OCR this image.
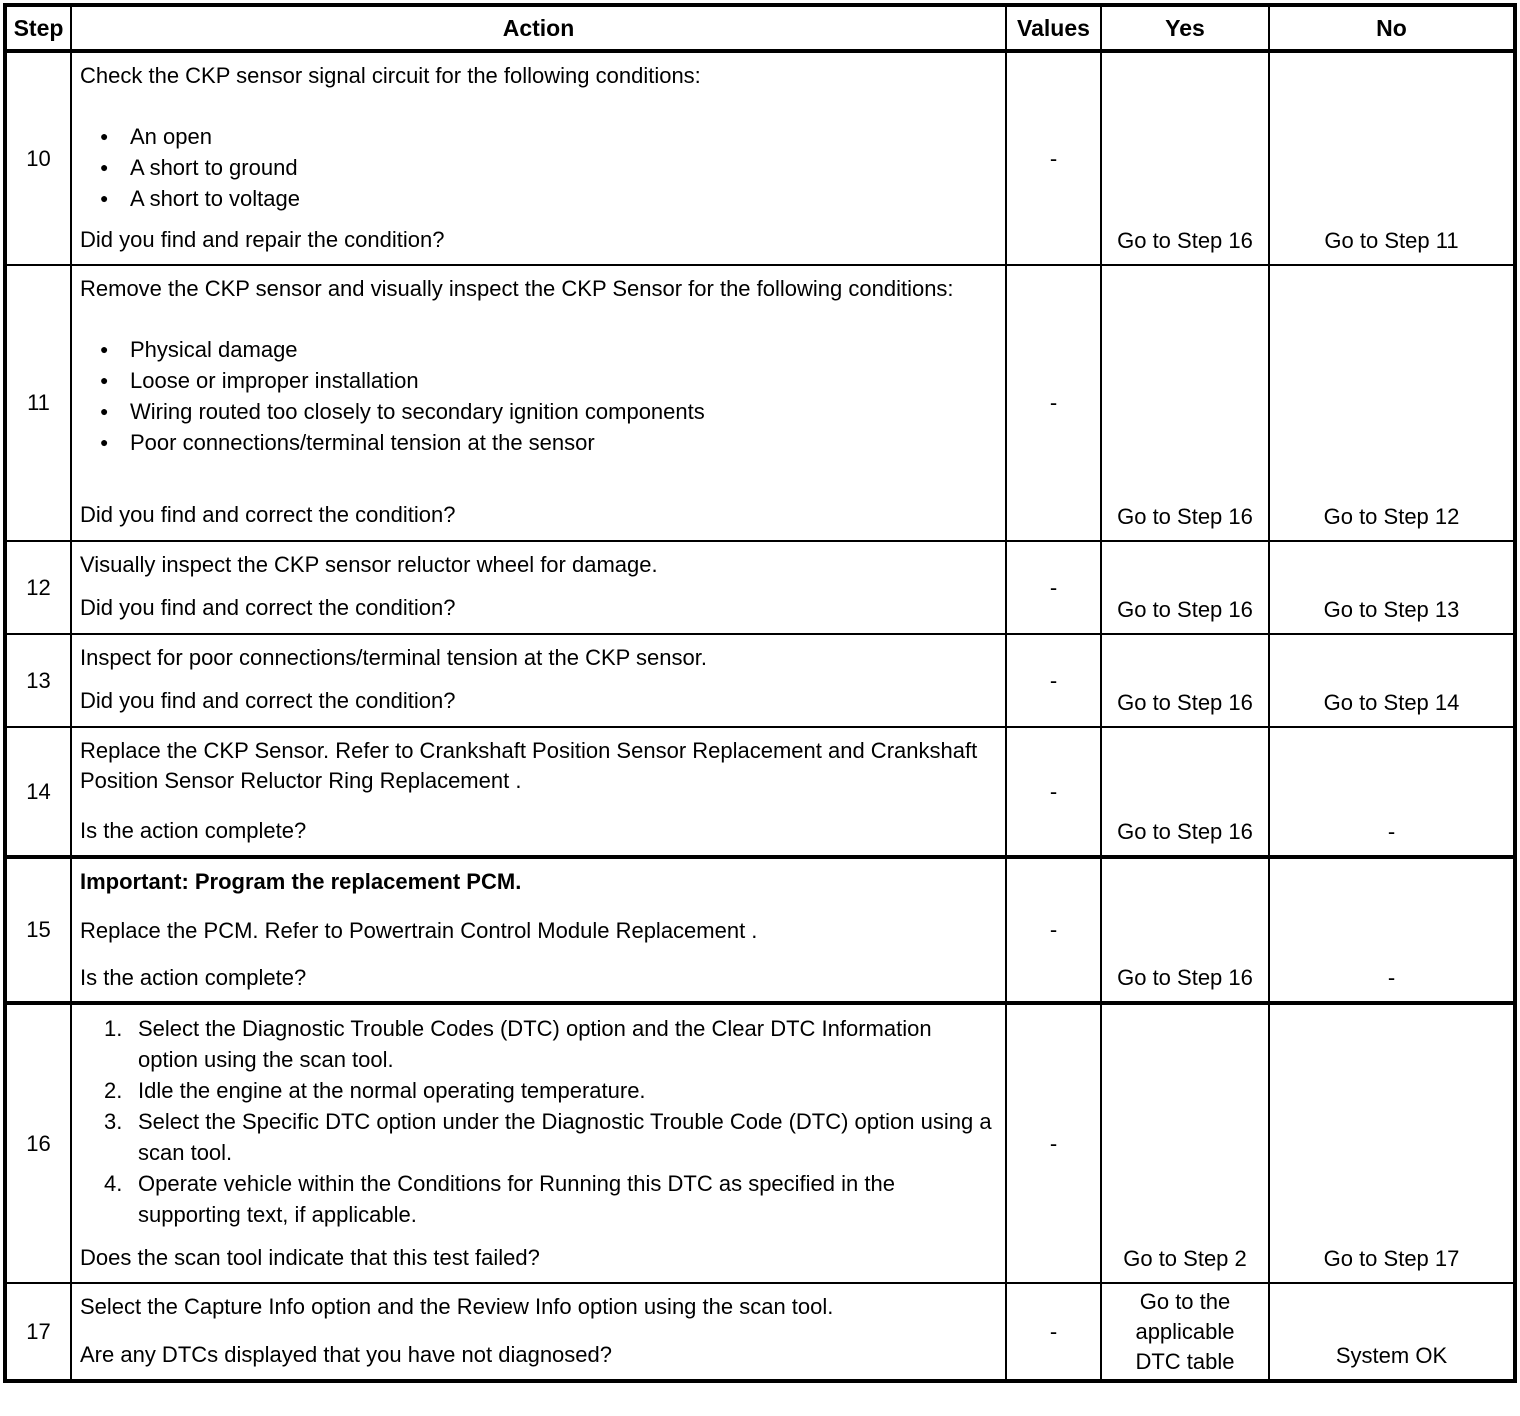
Step	Action	Values	Yes	No
10	
Check the CKP sensor signal circuit for the following conditions:
● An open
● A short to ground
● A short to voltage
Did you find and repair the condition?
	-	Go to Step 16	Go to Step 11
11	
Remove the CKP sensor and visually inspect the CKP Sensor for the following conditions:
● Physical damage
● Loose or improper installation
● Wiring routed too closely to secondary ignition components
● Poor connections/terminal tension at the sensor
Did you find and correct the condition?
	-	Go to Step 16	Go to Step 12
12	Visually inspect the CKP sensor reluctor wheel for damage.
Did you find and correct the condition?	-	Go to Step 16	Go to Step 13
13	Inspect for poor connections/terminal tension at the CKP sensor.
Did you find and correct the condition?	-	Go to Step 16	Go to Step 14
14	Replace the CKP Sensor. Refer to Crankshaft Position Sensor Replacement and Crankshaft Position Sensor Reluctor Ring Replacement .
Is the action complete?	-	Go to Step 16	-
15	Important: Program the replacement PCM.
Replace the PCM. Refer to Powertrain Control Module Replacement .
Is the action complete?	-	Go to Step 16	-
16	
1. Select the Diagnostic Trouble Codes (DTC) option and the Clear DTC Information option using the scan tool.
2. Idle the engine at the normal operating temperature.
3. Select the Specific DTC option under the Diagnostic Trouble Code (DTC) option using a scan tool.
4. Operate vehicle within the Conditions for Running this DTC as specified in the supporting text, if applicable.
Does the scan tool indicate that this test failed?
	-	Go to Step 2	Go to Step 17
17	Select the Capture Info option and the Review Info option using the scan tool.
Are any DTCs displayed that you have not diagnosed?	-	Go to the applicable DTC table	System OK
